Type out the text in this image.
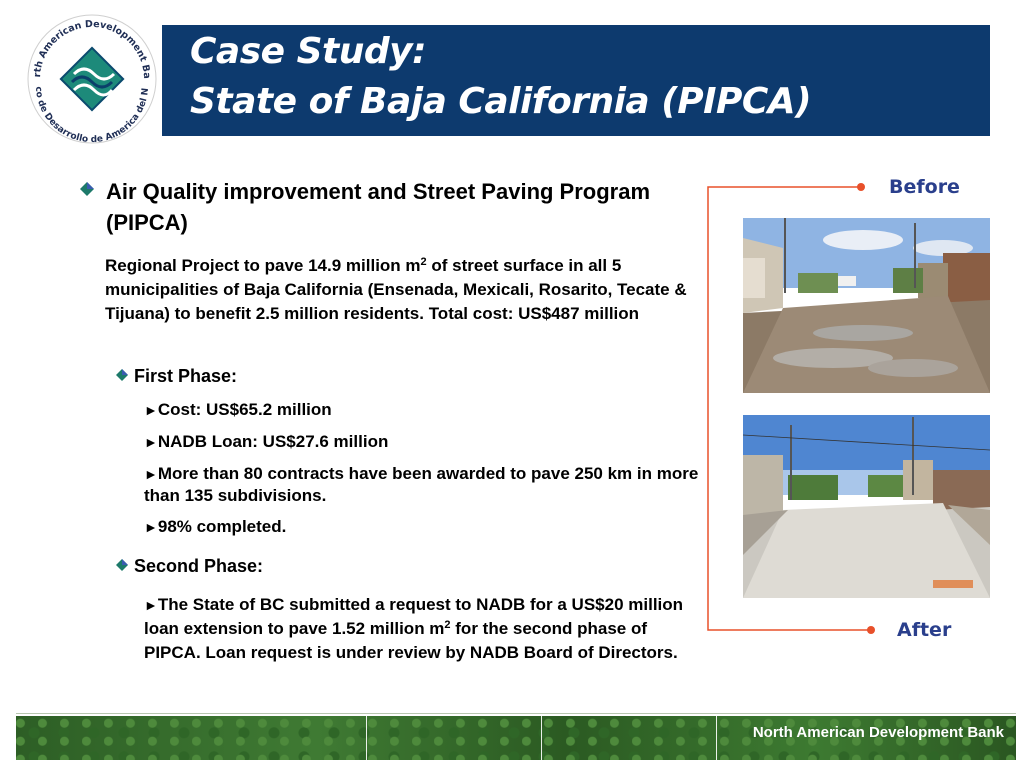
rth American Development Ba
co de Desarrollo de America del N
Case Study:
State of Baja California (PIPCA)
Air Quality improvement and Street Paving Program (PIPCA)
Regional Project to pave 14.9 million $m^2$ of street surface in all 5 municipalities of Baja California (Ensenada, Mexicali, Rosarito, Tecate & Tijuana) to benefit 2.5 million residents. Total cost: US$487 million
First Phase:
►Cost: US$65.2 million
►NADB Loan: US$27.6 million
►More than 80 contracts have been awarded to pave 250 km in more than 135 subdivisions.
►98% completed.
Second Phase:
►The State of BC submitted a request to NADB for a US$20 million loan extension to pave 1.52 million $m^2$ for the second phase of PIPCA. Loan request is under review by NADB Board of Directors.
Before
After
North American Development Bank
